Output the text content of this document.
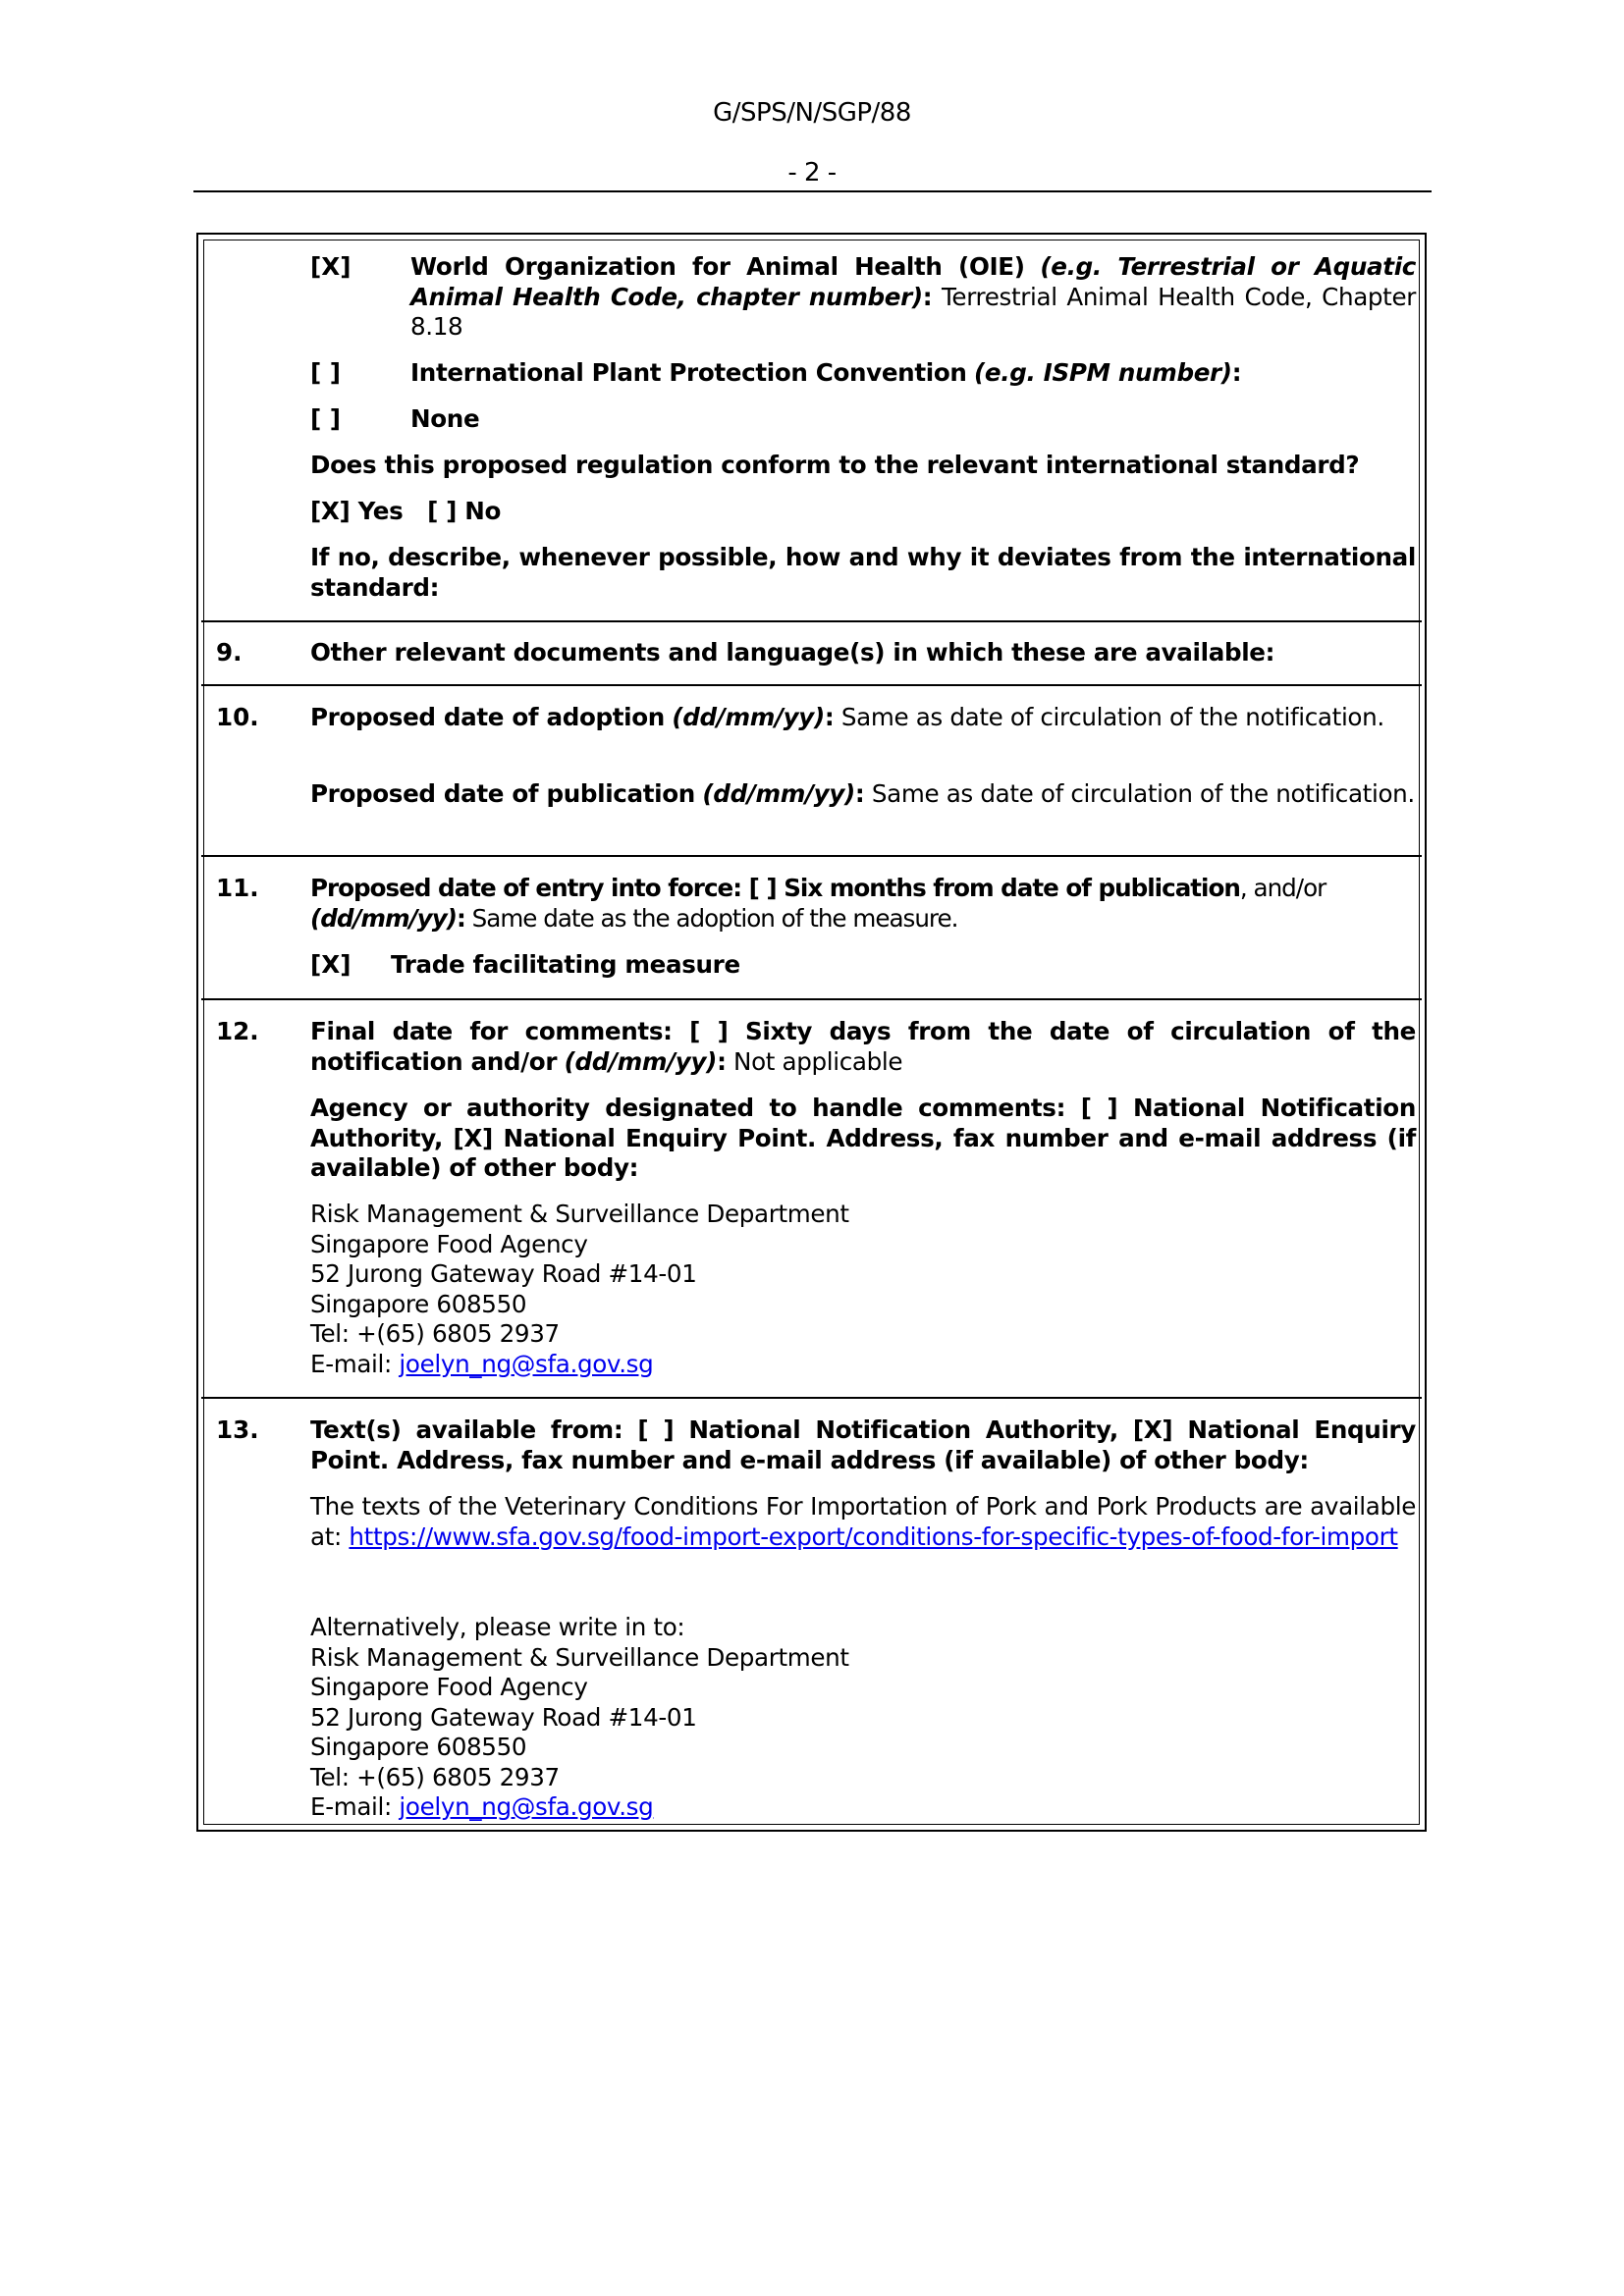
G/SPS/N/SGP/88
- 2 -
[X] World Organization for Animal Health (OIE) (e.g. Terrestrial or Aquatic Animal Health Code, chapter number): Terrestrial Animal Health Code, Chapter 8.18
[ ]	International Plant Protection Convention (e.g. ISPM number):
[ ]	None
Does this proposed regulation conform to the relevant international standard?
[X] Yes [ ] No
If no, describe, whenever possible, how and why it deviates from the international standard:
9.	Other relevant documents and language(s) in which these are available:
10. Proposed date of adoption (dd/mm/yy): Same as date of circulation of the notification.
Proposed date of publication (dd/mm/yy): Same as date of circulation of the notification.
11. Proposed date of entry into force: [ ] Six months from date of publication, and/or
(dd/mm/yy): Same date as the adoption of the measure.
[X] Trade facilitating measure
12. Final date for comments: [ ] Sixty days from the date of circulation of the notification and/or (dd/mm/yy): Not applicable
Agency or authority designated to handle comments: [ ] National Notification Authority, [X] National Enquiry Point. Address, fax number and e-mail address (if available) of other body:
Risk Management & Surveillance Department
Singapore Food Agency
52 Jurong Gateway Road #14-01
Singapore 608550
Tel: +(65) 6805 2937
E-mail: joelyn_ng@sfa.gov.sg
13. Text(s) available from: [ ] National Notification Authority, [X] National Enquiry Point. Address, fax number and e-mail address (if available) of other body:
The texts of the Veterinary Conditions For Importation of Pork and Pork Products are available at: https://www.sfa.gov.sg/food-import-export/conditions-for-specific-types-of-food-for-import
Alternatively, please write in to:
Risk Management & Surveillance Department
Singapore Food Agency
52 Jurong Gateway Road #14-01
Singapore 608550
Tel: +(65) 6805 2937
E-mail: joelyn_ng@sfa.gov.sg
